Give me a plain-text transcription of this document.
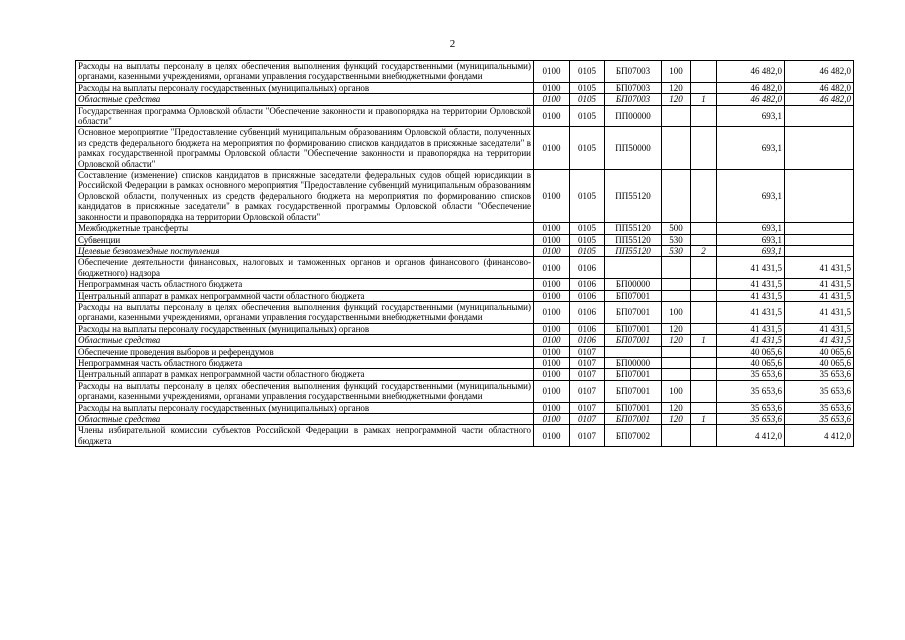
2
Расходы на выплаты персоналу в целях обеспечения выполнения функций государственными (муниципальными) органами, казенными учреждениями, органами управления государственными внебюджетными фондами	0100	0105	БП07003	100		46 482,0	46 482,0
Расходы на выплаты персоналу государственных (муниципальных) органов	0100	0105	БП07003	120		46 482,0	46 482,0
Областные средства	0100	0105	БП07003	120	1	46 482,0	46 482,0
Государственная программа Орловской области "Обеспечение законности и правопорядка на территории Орловской области"	0100	0105	ПП00000			693,1	
Основное мероприятие "Предоставление субвенций муниципальным образованиям Орловской области, полученных из средств федерального бюджета на мероприятия по формированию списков кандидатов в присяжные заседатели" в рамках государственной программы Орловской области "Обеспечение законности и правопорядка на территории Орловской области"	0100	0105	ПП50000			693,1	
Составление (изменение) списков кандидатов в присяжные заседатели федеральных судов общей юрисдикции в Российской Федерации в рамках основного мероприятия "Предоставление субвенций муниципальным образованиям Орловской области, полученных из средств федерального бюджета на мероприятия по формированию списков кандидатов в присяжные заседатели" в рамках государственной программы Орловской области "Обеспечение законности и правопорядка на территории Орловской области"	0100	0105	ПП55120			693,1	
Межбюджетные трансферты	0100	0105	ПП55120	500		693,1	
Субвенции	0100	0105	ПП55120	530		693,1	
Целевые безвозмездные поступления	0100	0105	ПП55120	530	2	693,1	
Обеспечение деятельности финансовых, налоговых и таможенных органов и органов финансового (финансово-бюджетного) надзора	0100	0106				41 431,5	41 431,5
Непрограммная часть областного бюджета	0100	0106	БП00000			41 431,5	41 431,5
Центральный аппарат в рамках непрограммной части областного бюджета	0100	0106	БП07001			41 431,5	41 431,5
Расходы на выплаты персоналу в целях обеспечения выполнения функций государственными (муниципальными) органами, казенными учреждениями, органами управления государственными внебюджетными фондами	0100	0106	БП07001	100		41 431,5	41 431,5
Расходы на выплаты персоналу государственных (муниципальных) органов	0100	0106	БП07001	120		41 431,5	41 431,5
Областные средства	0100	0106	БП07001	120	1	41 431,5	41 431,5
Обеспечение проведения выборов и референдумов	0100	0107				40 065,6	40 065,6
Непрограммная часть областного бюджета	0100	0107	БП00000			40 065,6	40 065,6
Центральный аппарат в рамках непрограммной части областного бюджета	0100	0107	БП07001			35 653,6	35 653,6
Расходы на выплаты персоналу в целях обеспечения выполнения функций государственными (муниципальными) органами, казенными учреждениями, органами управления государственными внебюджетными фондами	0100	0107	БП07001	100		35 653,6	35 653,6
Расходы на выплаты персоналу государственных (муниципальных) органов	0100	0107	БП07001	120		35 653,6	35 653,6
Областные средства	0100	0107	БП07001	120	1	35 653,6	35 653,6
Члены избирательной комиссии субъектов Российской Федерации в рамках непрограммной части областного бюджета	0100	0107	БП07002			4 412,0	4 412,0
